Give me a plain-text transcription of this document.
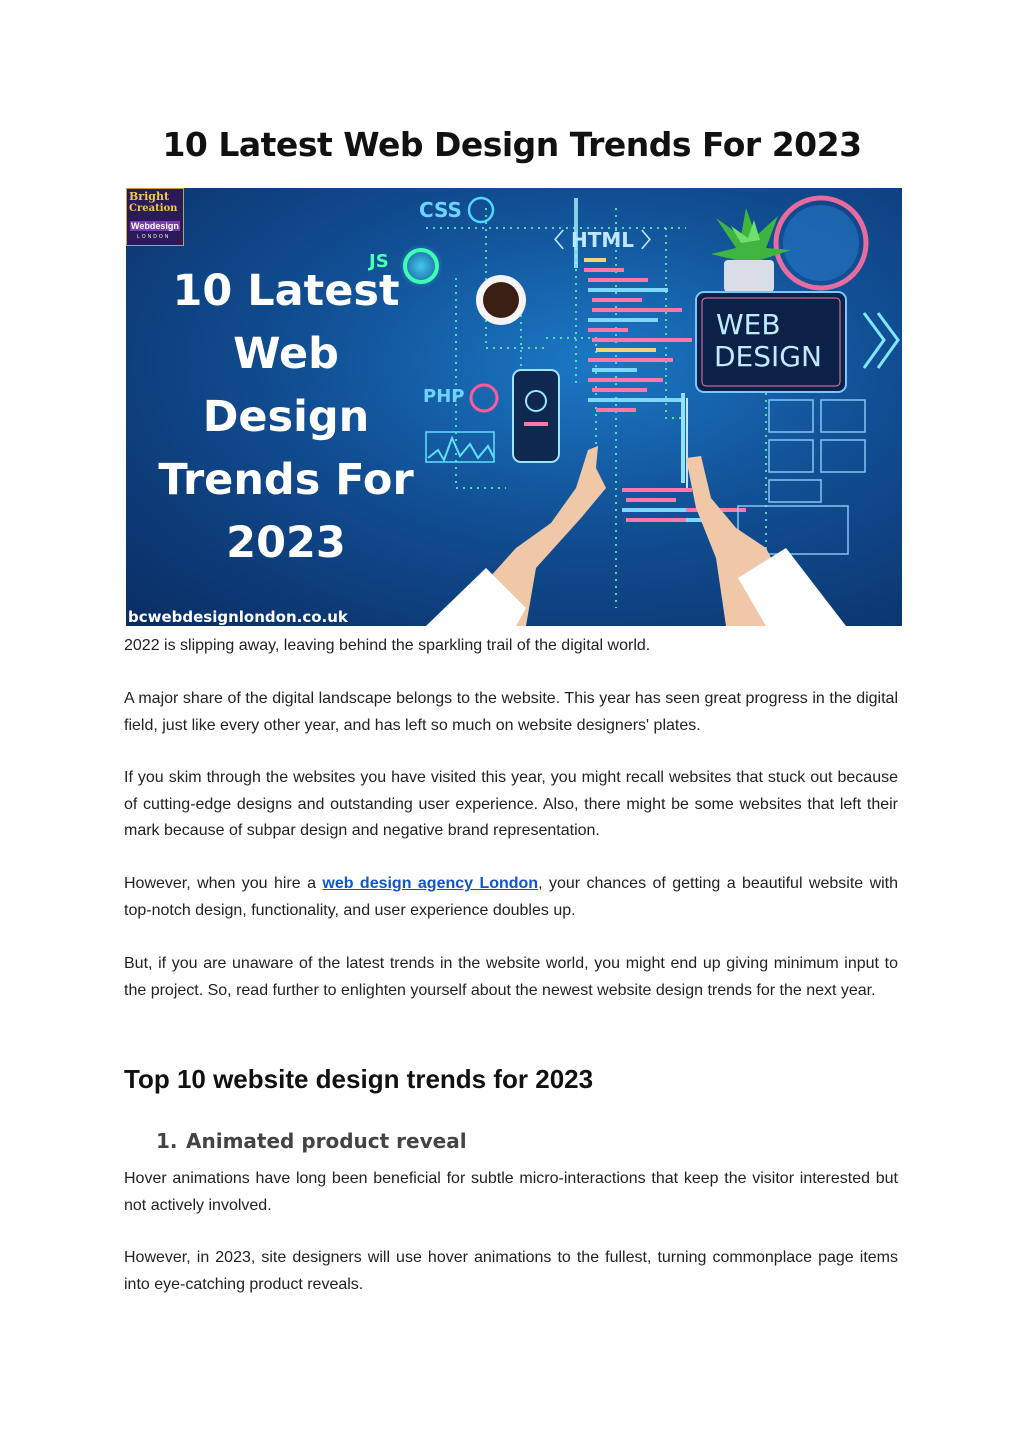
10 Latest Web Design Trends For 2023
Bright
Creation
Webdesign
LONDON
CSS
〈 HTML 〉
JS
PHP
WEB
DESIGN
10 Latest
Web
Design
Trends For
2023
bcwebdesignlondon.co.uk

2022 is slipping away, leaving behind the sparkling trail of the digital world.

A major share of the digital landscape belongs to the website. This year has seen great progress in the digital field, just like every other year, and has left so much on website designers' plates.

If you skim through the websites you have visited this year, you might recall websites that stuck out because of cutting-edge designs and outstanding user experience. Also, there might be some websites that left their mark because of subpar design and negative brand representation.

However, when you hire a web design agency London, your chances of getting a beautiful website with top-notch design, functionality, and user experience doubles up.

But, if you are unaware of the latest trends in the website world, you might end up giving minimum input to the project. So, read further to enlighten yourself about the newest website design trends for the next year.

Top 10 website design trends for 2023
1. Animated product reveal

Hover animations have long been beneficial for subtle micro-interactions that keep the visitor interested but not actively involved.

However, in 2023, site designers will use hover animations to the fullest, turning commonplace page items into eye-catching product reveals.
